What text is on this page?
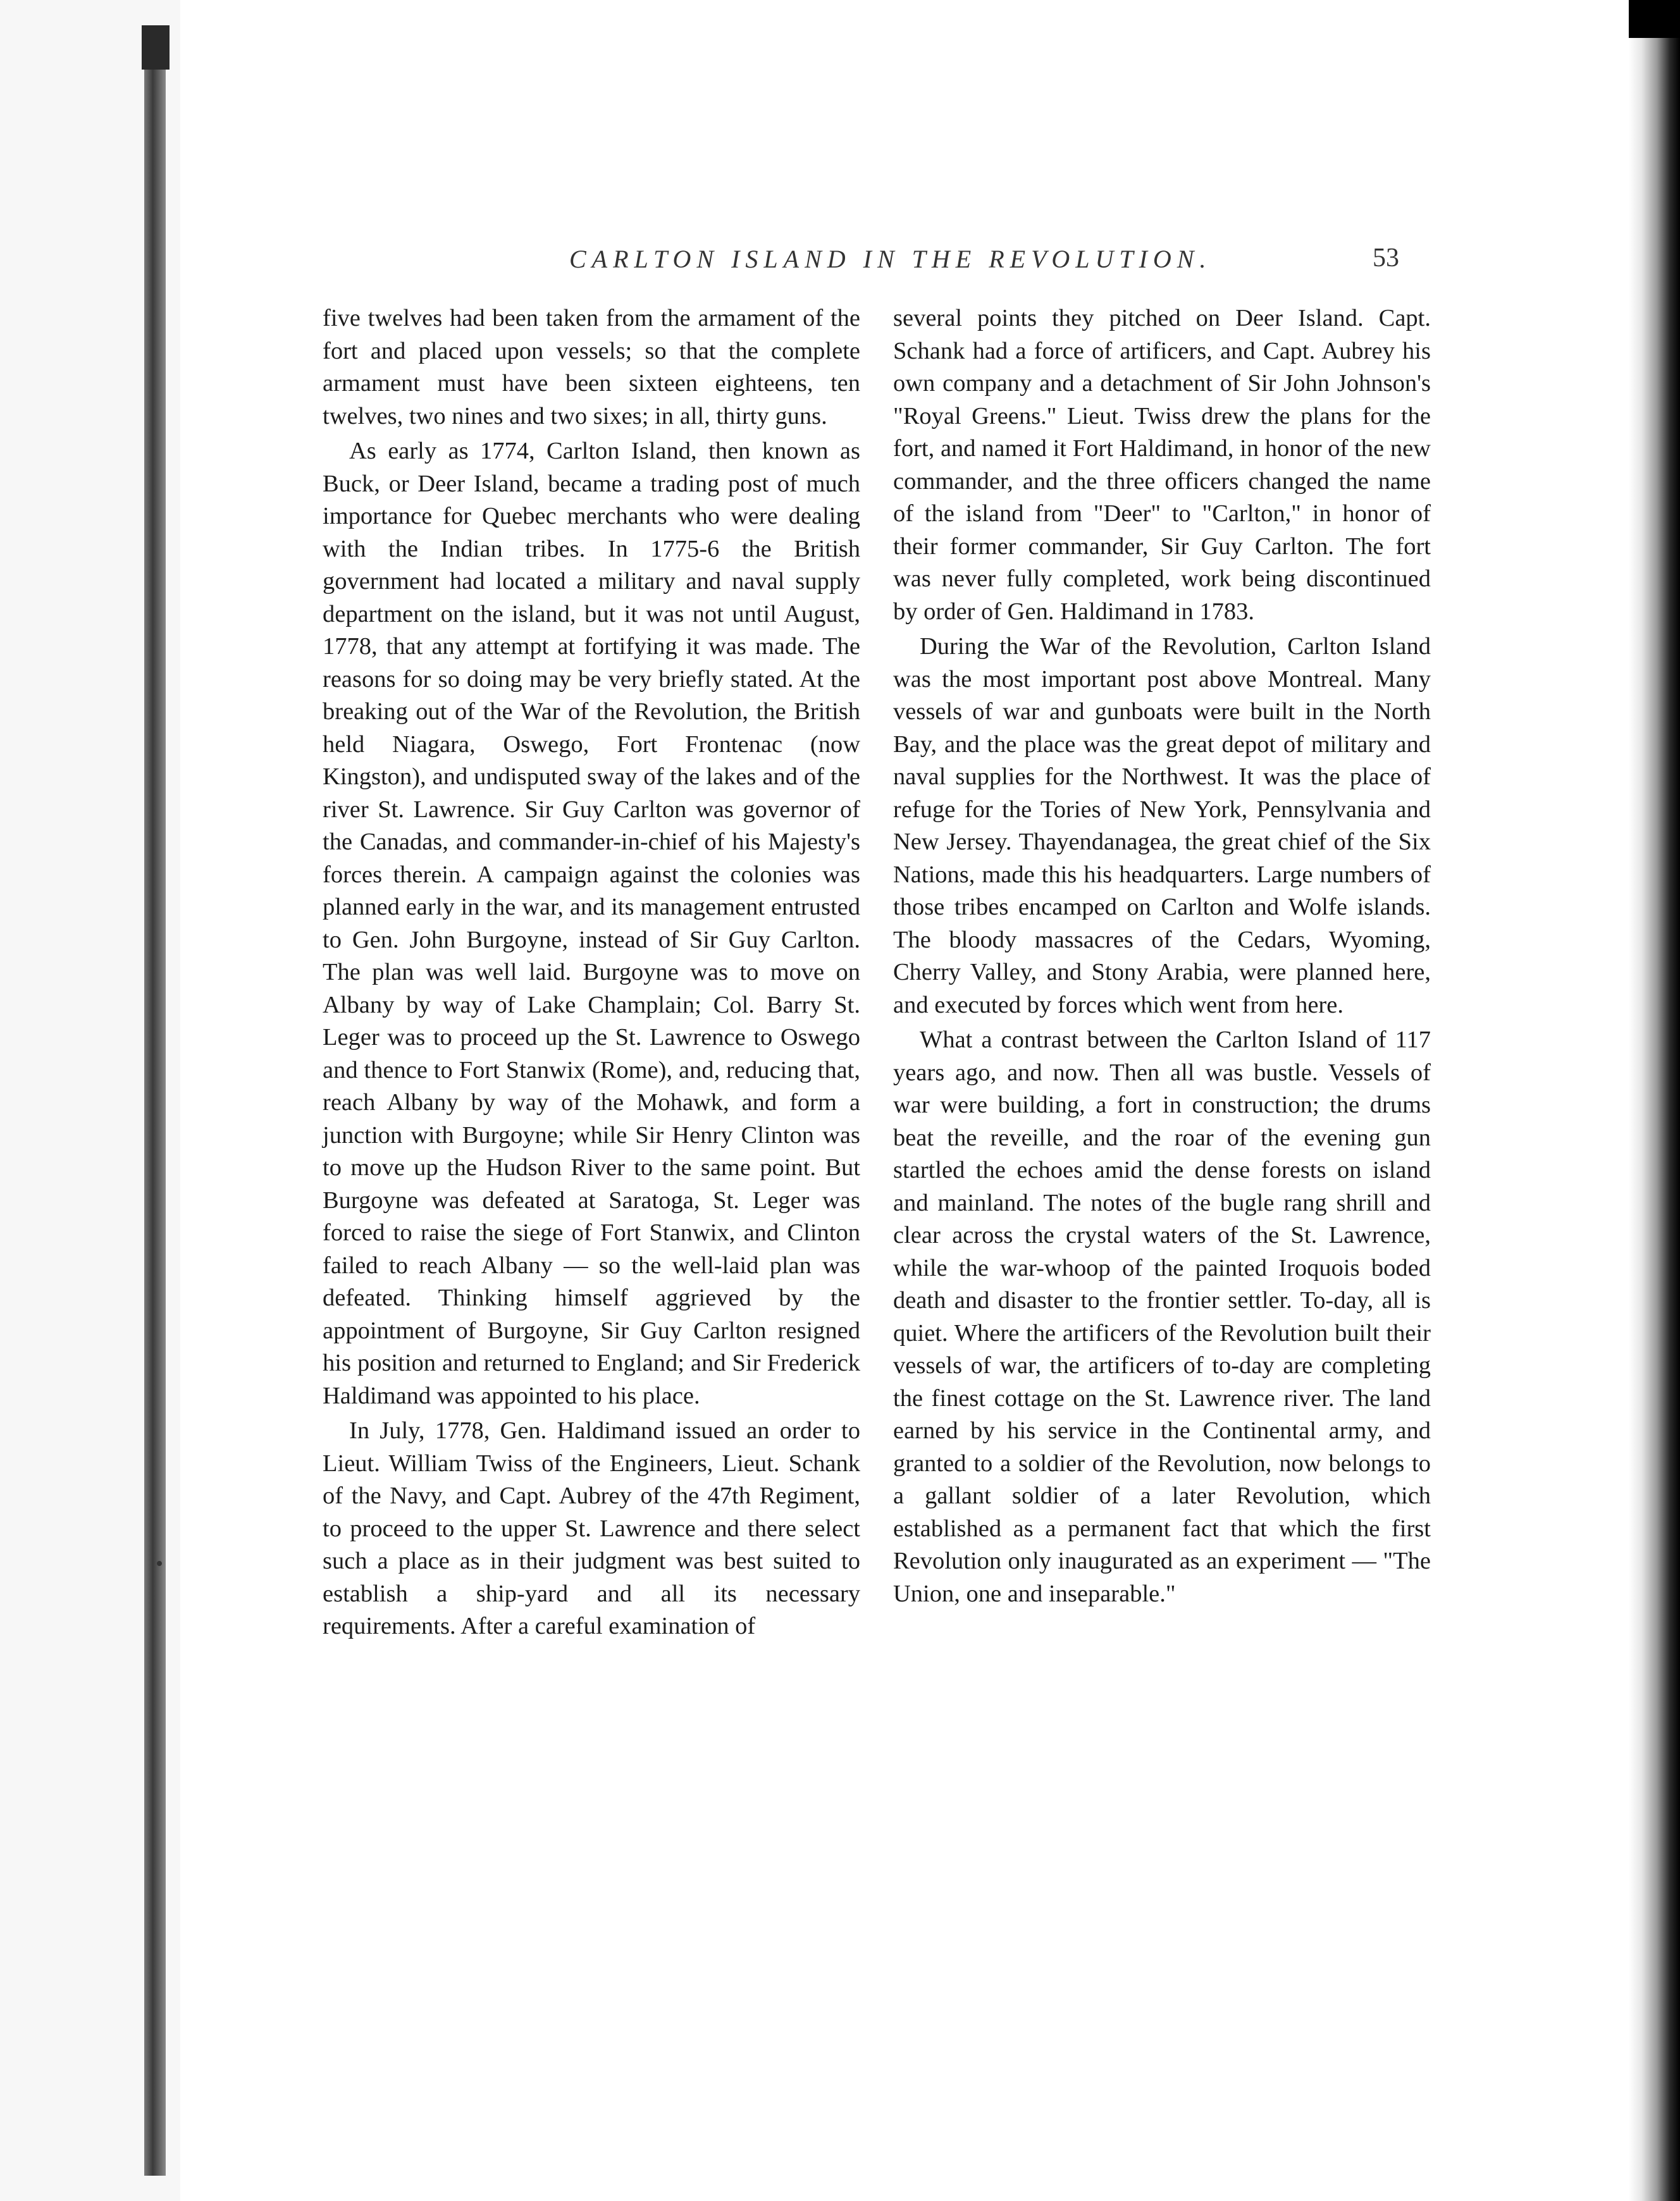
CARLTON ISLAND IN THE REVOLUTION.	53

five twelves had been taken from the armament of the fort and placed upon vessels; so that the complete armament must have been sixteen eighteens, ten twelves, two nines and two sixes; in all, thirty guns.

As early as 1774, Carlton Island, then known as Buck, or Deer Island, became a trading post of much importance for Quebec merchants who were dealing with the Indian tribes. In 1775-6 the British government had located a military and naval supply department on the island, but it was not until August, 1778, that any attempt at fortifying it was made. The reasons for so doing may be very briefly stated. At the breaking out of the War of the Revolution, the British held Niagara, Oswego, Fort Frontenac (now Kingston), and undisputed sway of the lakes and of the river St. Lawrence. Sir Guy Carlton was governor of the Canadas, and commander-in-chief of his Majesty's forces therein. A campaign against the colonies was planned early in the war, and its management entrusted to Gen. John Burgoyne, instead of Sir Guy Carlton. The plan was well laid. Burgoyne was to move on Albany by way of Lake Champlain; Col. Barry St. Leger was to proceed up the St. Lawrence to Oswego and thence to Fort Stanwix (Rome), and, reducing that, reach Albany by way of the Mohawk, and form a junction with Burgoyne; while Sir Henry Clinton was to move up the Hudson River to the same point. But Burgoyne was defeated at Saratoga, St. Leger was forced to raise the siege of Fort Stanwix, and Clinton failed to reach Albany — so the well-laid plan was defeated. Thinking himself aggrieved by the appointment of Burgoyne, Sir Guy Carlton resigned his position and returned to England; and Sir Frederick Haldimand was appointed to his place.

In July, 1778, Gen. Haldimand issued an order to Lieut. William Twiss of the Engineers, Lieut. Schank of the Navy, and Capt. Aubrey of the 47th Regiment, to proceed to the upper St. Lawrence and there select such a place as in their judgment was best suited to establish a ship-yard and all its necessary requirements. After a careful examination of

several points they pitched on Deer Island. Capt. Schank had a force of artificers, and Capt. Aubrey his own company and a detachment of Sir John Johnson's "Royal Greens." Lieut. Twiss drew the plans for the fort, and named it Fort Haldimand, in honor of the new commander, and the three officers changed the name of the island from "Deer" to "Carlton," in honor of their former commander, Sir Guy Carlton. The fort was never fully completed, work being discontinued by order of Gen. Haldimand in 1783.

During the War of the Revolution, Carlton Island was the most important post above Montreal. Many vessels of war and gunboats were built in the North Bay, and the place was the great depot of military and naval supplies for the Northwest. It was the place of refuge for the Tories of New York, Pennsylvania and New Jersey. Thayendanagea, the great chief of the Six Nations, made this his headquarters. Large numbers of those tribes encamped on Carlton and Wolfe islands. The bloody massacres of the Cedars, Wyoming, Cherry Valley, and Stony Arabia, were planned here, and executed by forces which went from here.

What a contrast between the Carlton Island of 117 years ago, and now. Then all was bustle. Vessels of war were building, a fort in construction; the drums beat the reveille, and the roar of the evening gun startled the echoes amid the dense forests on island and mainland. The notes of the bugle rang shrill and clear across the crystal waters of the St. Lawrence, while the war-whoop of the painted Iroquois boded death and disaster to the frontier settler. To-day, all is quiet. Where the artificers of the Revolution built their vessels of war, the artificers of to-day are completing the finest cottage on the St. Lawrence river. The land earned by his service in the Continental army, and granted to a soldier of the Revolution, now belongs to a gallant soldier of a later Revolution, which established as a permanent fact that which the first Revolution only inaugurated as an experiment — "The Union, one and inseparable."
